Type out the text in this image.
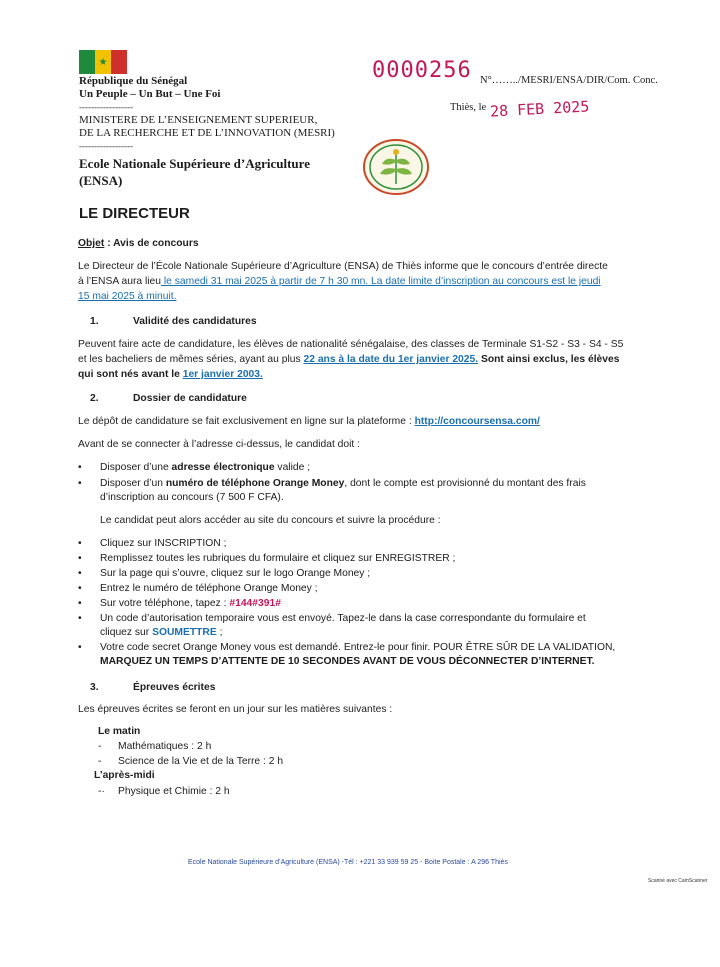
★
République du Sénégal
Un Peuple – Un But – Une Foi
------------------
MINISTERE DE L’ENSEIGNEMENT SUPERIEUR,
DE LA RECHERCHE ET DE L’INNOVATION (MESRI)
------------------
Ecole Nationale Supérieure d’Agriculture
(ENSA)
0000256 N°……../MESRI/ENSA/DIR/Com. Conc.
Thiès, le 28 FEB 2025
LE DIRECTEUR
Objet : Avis de concours
Le Directeur de l’École Nationale Supérieure d’Agriculture (ENSA) de Thiès informe que le concours d’entrée directe
à l’ENSA aura lieu le samedi 31 mai 2025 à partir de 7 h 30 mn. La date limite d’inscription au concours est le jeudi
15 mai 2025 à minuit.
1.	Validité des candidatures
Peuvent faire acte de candidature, les élèves de nationalité sénégalaise, des classes de Terminale S1-S2 - S3 - S4 - S5
et les bacheliers de mêmes séries, ayant au plus 22 ans à la date du 1er janvier 2025. Sont ainsi exclus, les élèves
qui sont nés avant le 1er janvier 2003.
2.	Dossier de candidature
Le dépôt de candidature se fait exclusivement en ligne sur la plateforme : http://concoursensa.com/
Avant de se connecter à l’adresse ci-dessus, le candidat doit :
• Disposer d’une adresse électronique valide ;
• Disposer d’un numéro de téléphone Orange Money, dont le compte est provisionné du montant des frais
d’inscription au concours (7 500 F CFA).
Le candidat peut alors accéder au site du concours et suivre la procédure :
• Cliquez sur INSCRIPTION ;
• Remplissez toutes les rubriques du formulaire et cliquez sur ENREGISTRER ;
• Sur la page qui s’ouvre, cliquez sur le logo Orange Money ;
• Entrez le numéro de téléphone Orange Money ;
• Sur votre téléphone, tapez : #144#391#
• Un code d’autorisation temporaire vous est envoyé. Tapez-le dans la case correspondante du formulaire et
cliquez sur SOUMETTRE ;
• Votre code secret Orange Money vous est demandé. Entrez-le pour finir. POUR ÊTRE SÛR DE LA VALIDATION,
MARQUEZ UN TEMPS D’ATTENTE DE 10 SECONDES AVANT DE VOUS DÉCONNECTER D’INTERNET.
3.	Épreuves écrites
Les épreuves écrites se feront en un jour sur les matières suivantes :
Le matin
- Mathématiques : 2 h
- Science de la Vie et de la Terre : 2 h
L’après-midi
-· Physique et Chimie : 2 h
Ecole Nationale Supérieure d’Agriculture (ENSA) -Tél : +221 33 939 59 25 - Boite Postale : A 296 Thiès
Scanné avec CamScanner
